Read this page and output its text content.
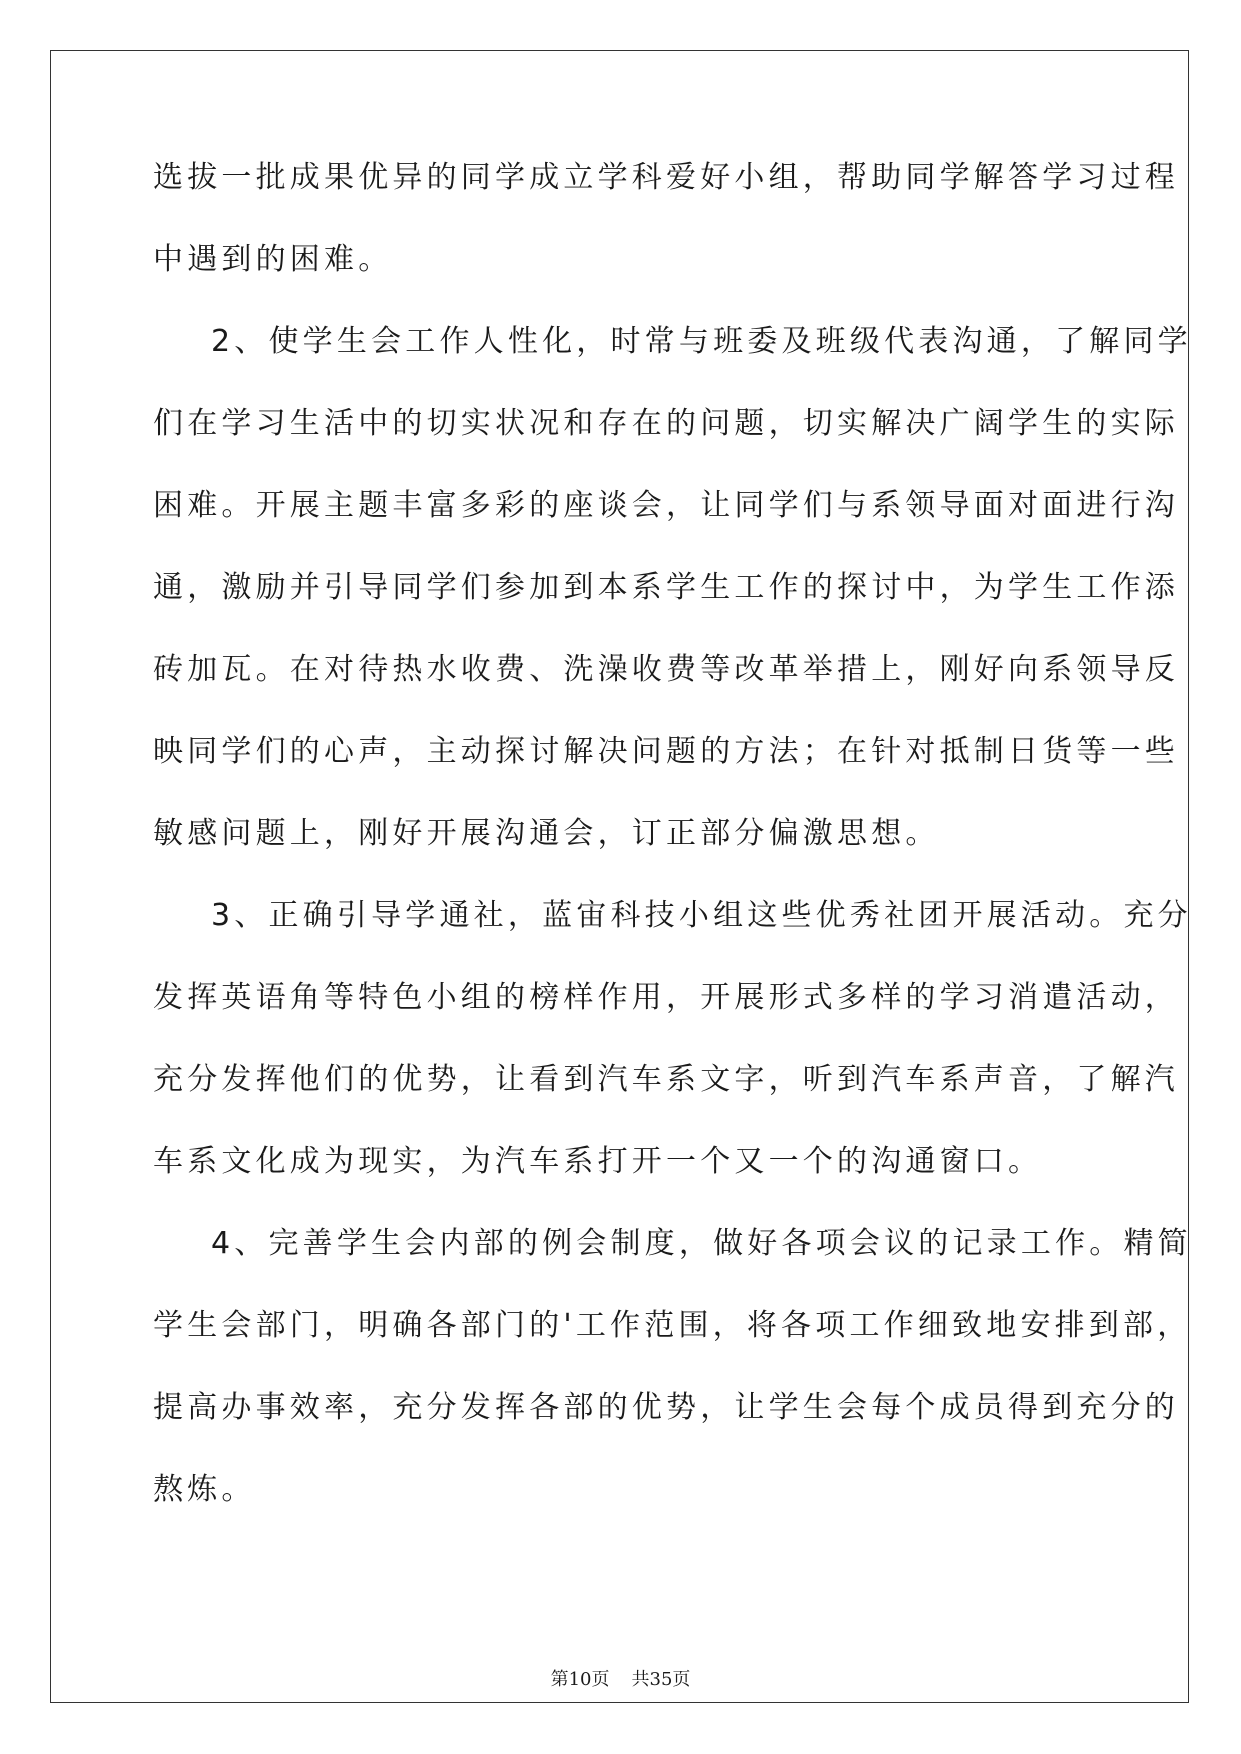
选拔一批成果优异的同学成立学科爱好小组，帮助同学解答学习过程
中遇到的困难。
2、使学生会工作人性化，时常与班委及班级代表沟通，了解同学
们在学习生活中的切实状况和存在的问题，切实解决广阔学生的实际
困难。开展主题丰富多彩的座谈会，让同学们与系领导面对面进行沟
通，激励并引导同学们参加到本系学生工作的探讨中，为学生工作添
砖加瓦。在对待热水收费、洗澡收费等改革举措上，刚好向系领导反
映同学们的心声，主动探讨解决问题的方法；在针对抵制日货等一些
敏感问题上，刚好开展沟通会，订正部分偏激思想。
3、正确引导学通社，蓝宙科技小组这些优秀社团开展活动。充分
发挥英语角等特色小组的榜样作用，开展形式多样的学习消遣活动，
充分发挥他们的优势，让看到汽车系文字，听到汽车系声音，了解汽
车系文化成为现实，为汽车系打开一个又一个的沟通窗口。
4、完善学生会内部的例会制度，做好各项会议的记录工作。精简
学生会部门，明确各部门的'工作范围，将各项工作细致地安排到部，
提高办事效率，充分发挥各部的优势，让学生会每个成员得到充分的
熬炼。
第10页 共35页
